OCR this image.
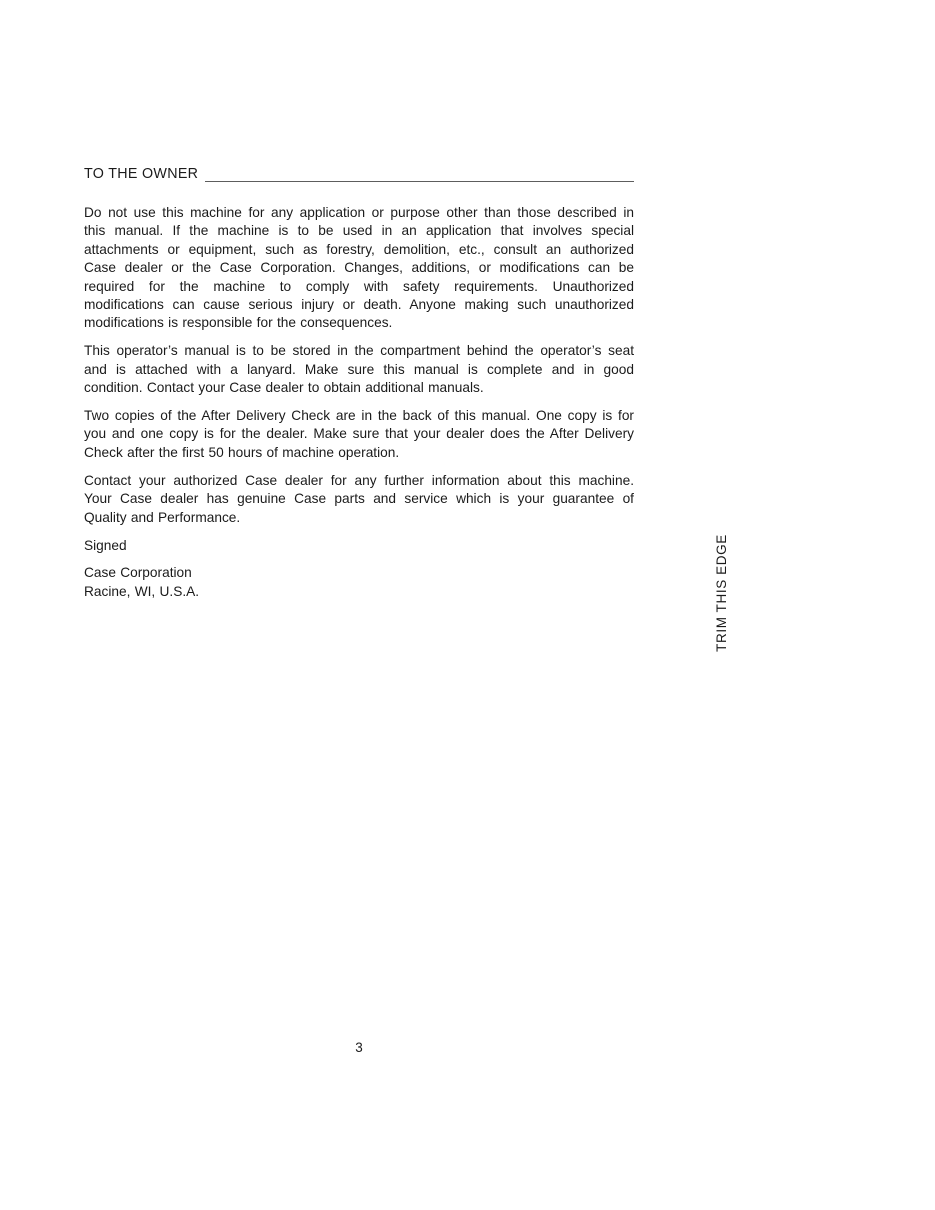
TO THE OWNER
Do not use this machine for any application or purpose other than those described in
this manual. If the machine is to be used in an application that involves special
attachments or equipment, such as forestry, demolition, etc., consult an authorized
Case dealer or the Case Corporation. Changes, additions, or modifications can be
required for the machine to comply with safety requirements. Unauthorized
modifications can cause serious injury or death. Anyone making such unauthorized
modifications is responsible for the consequences.
This operator’s manual is to be stored in the compartment behind the operator’s seat
and is attached with a lanyard. Make sure this manual is complete and in good
condition. Contact your Case dealer to obtain additional manuals.
Two copies of the After Delivery Check are in the back of this manual. One copy is for
you and one copy is for the dealer. Make sure that your dealer does the After Delivery
Check after the first 50 hours of machine operation.
Contact your authorized Case dealer for any further information about this machine.
Your Case dealer has genuine Case parts and service which is your guarantee of
Quality and Performance.
Signed
Case Corporation
Racine, WI, U.S.A.	TRIM THIS EDGE
3
